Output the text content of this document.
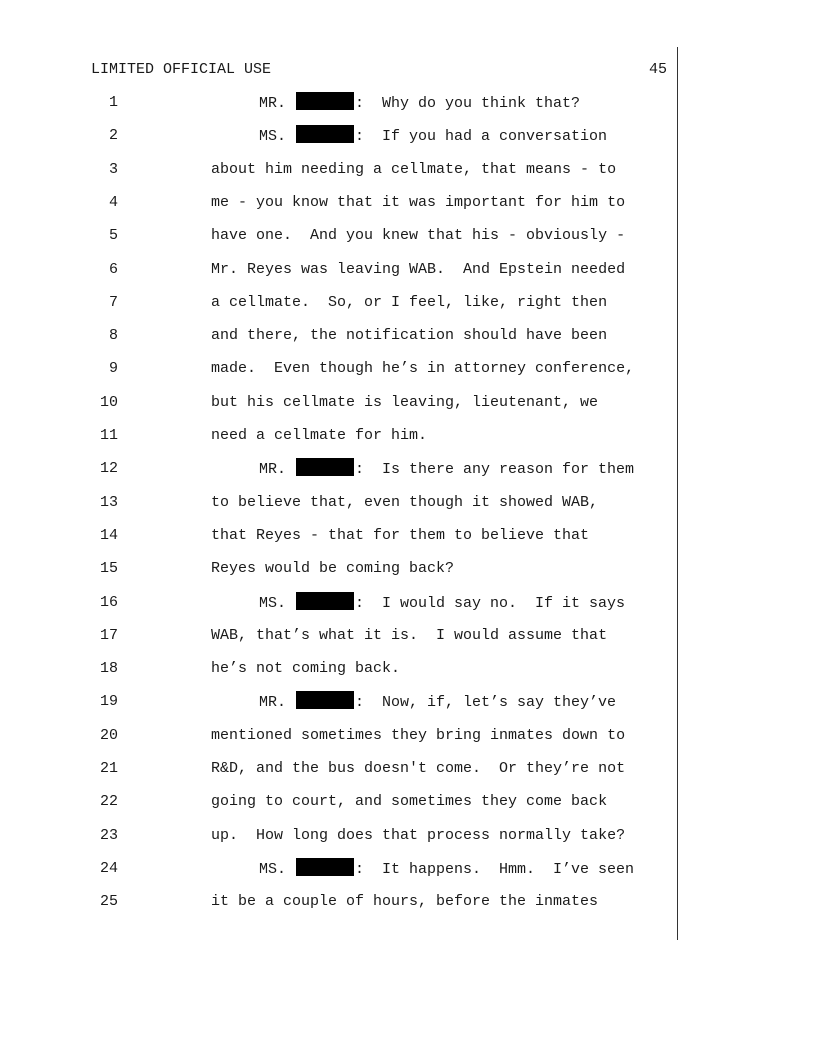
LIMITED OFFICIAL USE	45
1	MR.	:  Why do you think that?
2	MS.	:  If you had a conversation
3	about him needing a cellmate, that means - to
4	me - you know that it was important for him to
5	have one.  And you knew that his - obviously -
6	Mr. Reyes was leaving WAB.  And Epstein needed
7	a cellmate.  So, or I feel, like, right then
8	and there, the notification should have been
9	made.  Even though he’s in attorney conference,
10	but his cellmate is leaving, lieutenant, we
11	need a cellmate for him.
12	MR.	:  Is there any reason for them
13	to believe that, even though it showed WAB,
14	that Reyes - that for them to believe that
15	Reyes would be coming back?
16	MS.	:  I would say no.  If it says
17	WAB, that’s what it is.  I would assume that
18	he’s not coming back.
19	MR.	:  Now, if, let’s say they’ve
20	mentioned sometimes they bring inmates down to
21	R&D, and the bus doesn't come.  Or they’re not
22	going to court, and sometimes they come back
23	up.  How long does that process normally take?
24	MS.	:  It happens.  Hmm.  I’ve seen
25	it be a couple of hours, before the inmates
